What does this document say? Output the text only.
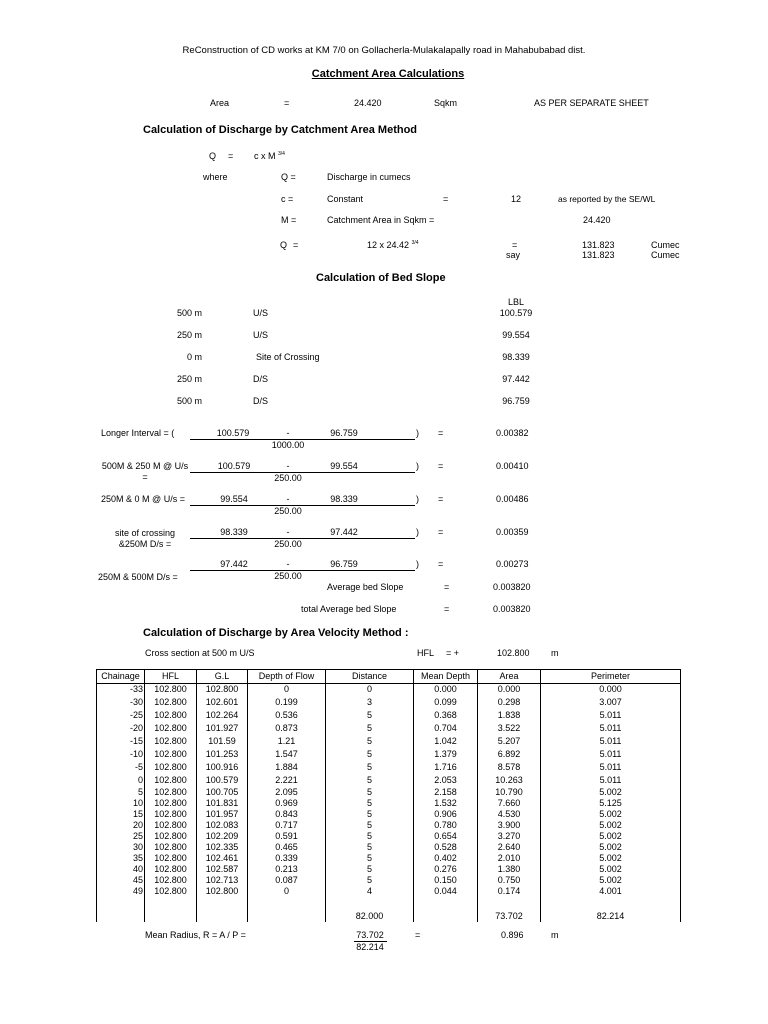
ReConstruction of CD works at KM 7/0 on Gollacherla-Mulakalapally road in Mahabubabad dist.
Catchment Area Calculations
Area	=	24.420	Sqkm	AS PER SEPARATE SHEET
Calculation of Discharge by Catchment Area Method
Q = c x M $^{3/4}$
where	Q =	Discharge in cumecs
c =	Constant	=	12	as reported by the SE/WL
M =	Catchment Area in Sqkm =	24.420
Q =	12 x 24.42 $^{3/4}$	=	131.823	Cumec
say	131.823	Cumec
Calculation of Bed Slope
LBL
500 m	U/S	100.579
250 m	U/S	99.554
0 m	Site of Crossing	98.339
250 m	D/S	97.442
500 m	D/S	96.759
Longer Interval = (	100.579	-	96.759	) =	0.00382
1000.00
500M & 250 M @ U/s =
100.579	-	99.554	) =	0.00410
250.00
250M & 0 M @ U/s =	99.554	-	98.339	) =	0.00486
250.00
site of crossing &250M D/s =
98.339	-	97.442	) =	0.00359
250.00
250M & 500M D/s =
97.442	-	96.759	) =	0.00273
250.00
Average bed Slope	=	0.003820
total Average bed Slope	=	0.003820
Calculation of Discharge by Area Velocity Method :
Cross section at 500 m U/S	HFL = +	102.800 m
Chainage	HFL	G.L	Depth of Flow	Distance	Mean Depth	Area	Perimeter
-33	102.800	102.800	0	0	0.000	0.000	0.000
-30	102.800	102.601	0.199	3	0.099	0.298	3.007
-25	102.800	102.264	0.536	5	0.368	1.838	5.011
-20	102.800	101.927	0.873	5	0.704	3.522	5.011
-15	102.800	101.59	1.21	5	1.042	5.207	5.011
-10	102.800	101.253	1.547	5	1.379	6.892	5.011
-5	102.800	100.916	1.884	5	1.716	8.578	5.011
0	102.800	100.579	2.221	5	2.053	10.263	5.011
5	102.800	100.705	2.095	5	2.158	10.790	5.002
10	102.800	101.831	0.969	5	1.532	7.660	5.125
15	102.800	101.957	0.843	5	0.906	4.530	5.002
20	102.800	102.083	0.717	5	0.780	3.900	5.002
25	102.800	102.209	0.591	5	0.654	3.270	5.002
30	102.800	102.335	0.465	5	0.528	2.640	5.002
35	102.800	102.461	0.339	5	0.402	2.010	5.002
40	102.800	102.587	0.213	5	0.276	1.380	5.002
45	102.800	102.713	0.087	5	0.150	0.750	5.002
49	102.800	102.800	0	4	0.044	0.174	4.001

				82.000		73.702	82.214
Mean Radius, R = A / P =	73.702
82.214
=	0.896	m
